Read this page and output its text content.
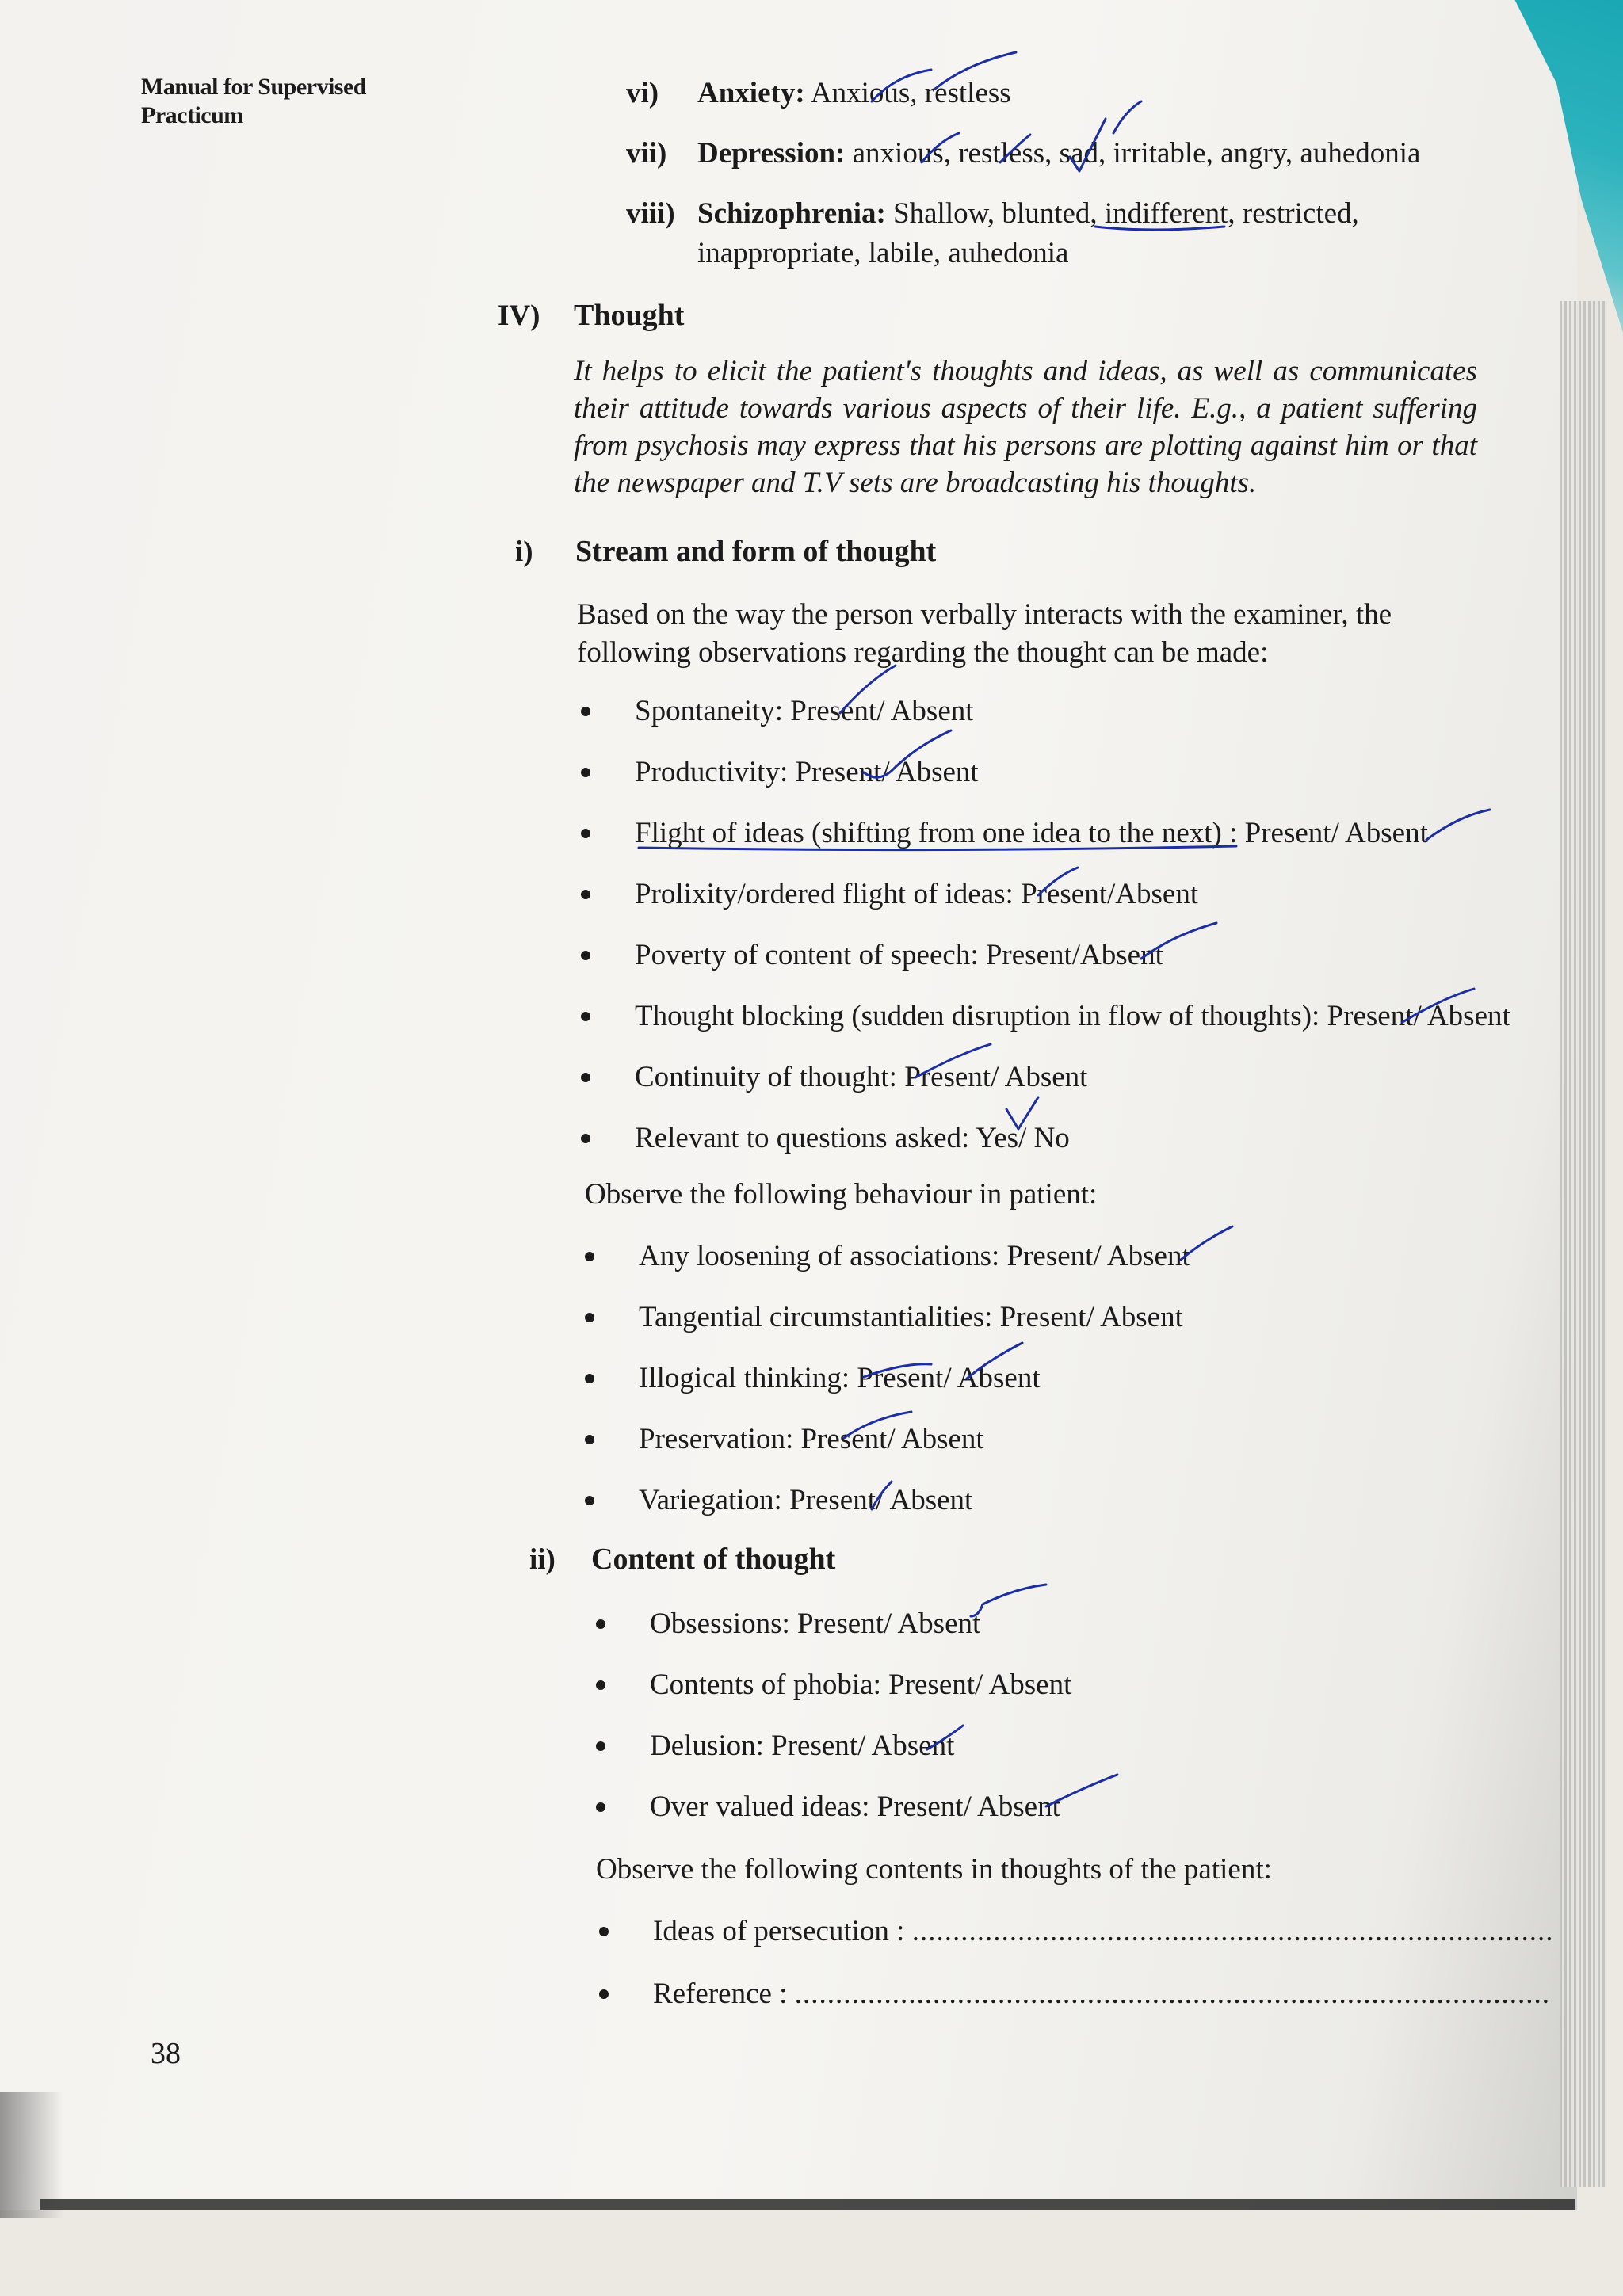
Manual for Supervised
Practicum
vi) Anxiety: Anxious, restless
vii) Depression: anxious, restless, sad, irritable, angry, auhedonia
viii) Schizophrenia: Shallow, blunted, indifferent, restricted,
inappropriate, labile, auhedonia
IV) Thought
It helps to elicit the patient's thoughts and ideas, as well as communicates their attitude towards various aspects of their life. E.g., a patient suffering from psychosis may express that his persons are plotting against him or that the newspaper and T.V sets are broadcasting his thoughts.
i) Stream and form of thought
Based on the way the person verbally interacts with the examiner, the following observations regarding the thought can be made:
Spontaneity: Present/ Absent
Productivity: Present/ Absent
Flight of ideas (shifting from one idea to the next) : Present/ Absent
Prolixity/ordered flight of ideas: Present/Absent
Poverty of content of speech: Present/Absent
Thought blocking (sudden disruption in flow of thoughts): Present/ Absent
Continuity of thought: Present/ Absent
Relevant to questions asked: Yes/ No
Observe the following behaviour in patient:
Any loosening of associations: Present/ Absent
Tangential circumstantialities: Present/ Absent
Illogical thinking: Present/ Absent
Preservation: Present/ Absent
Variegation: Present/ Absent
ii) Content of thought
Obsessions: Present/ Absent
Contents of phobia: Present/ Absent
Delusion: Present/ Absent
Over valued ideas: Present/ Absent
Observe the following contents in thoughts of the patient:
Ideas of persecution : ...............................................................................
Reference : .............................................................................................
38
